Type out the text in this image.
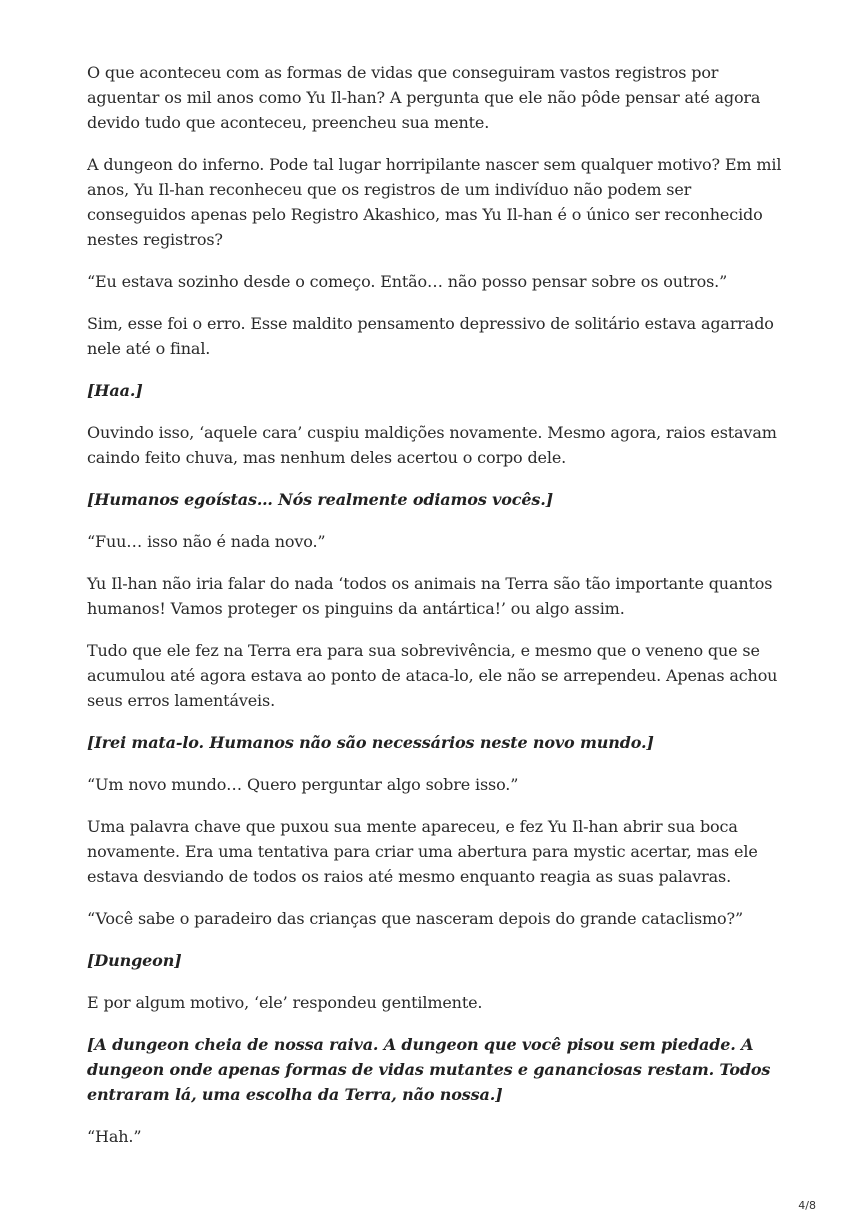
O que aconteceu com as formas de vidas que conseguiram vastos registros por aguentar os mil anos como Yu Il-han? A pergunta que ele não pôde pensar até agora devido tudo que aconteceu, preencheu sua mente.

A dungeon do inferno. Pode tal lugar horripilante nascer sem qualquer motivo? Em mil anos, Yu Il-han reconheceu que os registros de um indivíduo não podem ser conseguidos apenas pelo Registro Akashico, mas Yu Il-han é o único ser reconhecido nestes registros?

“Eu estava sozinho desde o começo. Então… não posso pensar sobre os outros.”

Sim, esse foi o erro. Esse maldito pensamento depressivo de solitário estava agarrado nele até o final.

[Haa.]

Ouvindo isso, ‘aquele cara’ cuspiu maldições novamente. Mesmo agora, raios estavam caindo feito chuva, mas nenhum deles acertou o corpo dele.

[Humanos egoístas… Nós realmente odiamos vocês.]

“Fuu… isso não é nada novo.”

Yu Il-han não iria falar do nada ‘todos os animais na Terra são tão importante quantos humanos! Vamos proteger os pinguins da antártica!’ ou algo assim.

Tudo que ele fez na Terra era para sua sobrevivência, e mesmo que o veneno que se acumulou até agora estava ao ponto de ataca-lo, ele não se arrependeu. Apenas achou seus erros lamentáveis.

[Irei mata-lo. Humanos não são necessários neste novo mundo.]

“Um novo mundo… Quero perguntar algo sobre isso.”

Uma palavra chave que puxou sua mente apareceu, e fez Yu Il-han abrir sua boca novamente. Era uma tentativa para criar uma abertura para mystic acertar, mas ele estava desviando de todos os raios até mesmo enquanto reagia as suas palavras.

“Você sabe o paradeiro das crianças que nasceram depois do grande cataclismo?”

[Dungeon]

E por algum motivo, ‘ele’ respondeu gentilmente.

[A dungeon cheia de nossa raiva. A dungeon que você pisou sem piedade. A dungeon onde apenas formas de vidas mutantes e gananciosas restam. Todos entraram lá, uma escolha da Terra, não nossa.]

“Hah.”

4/8
